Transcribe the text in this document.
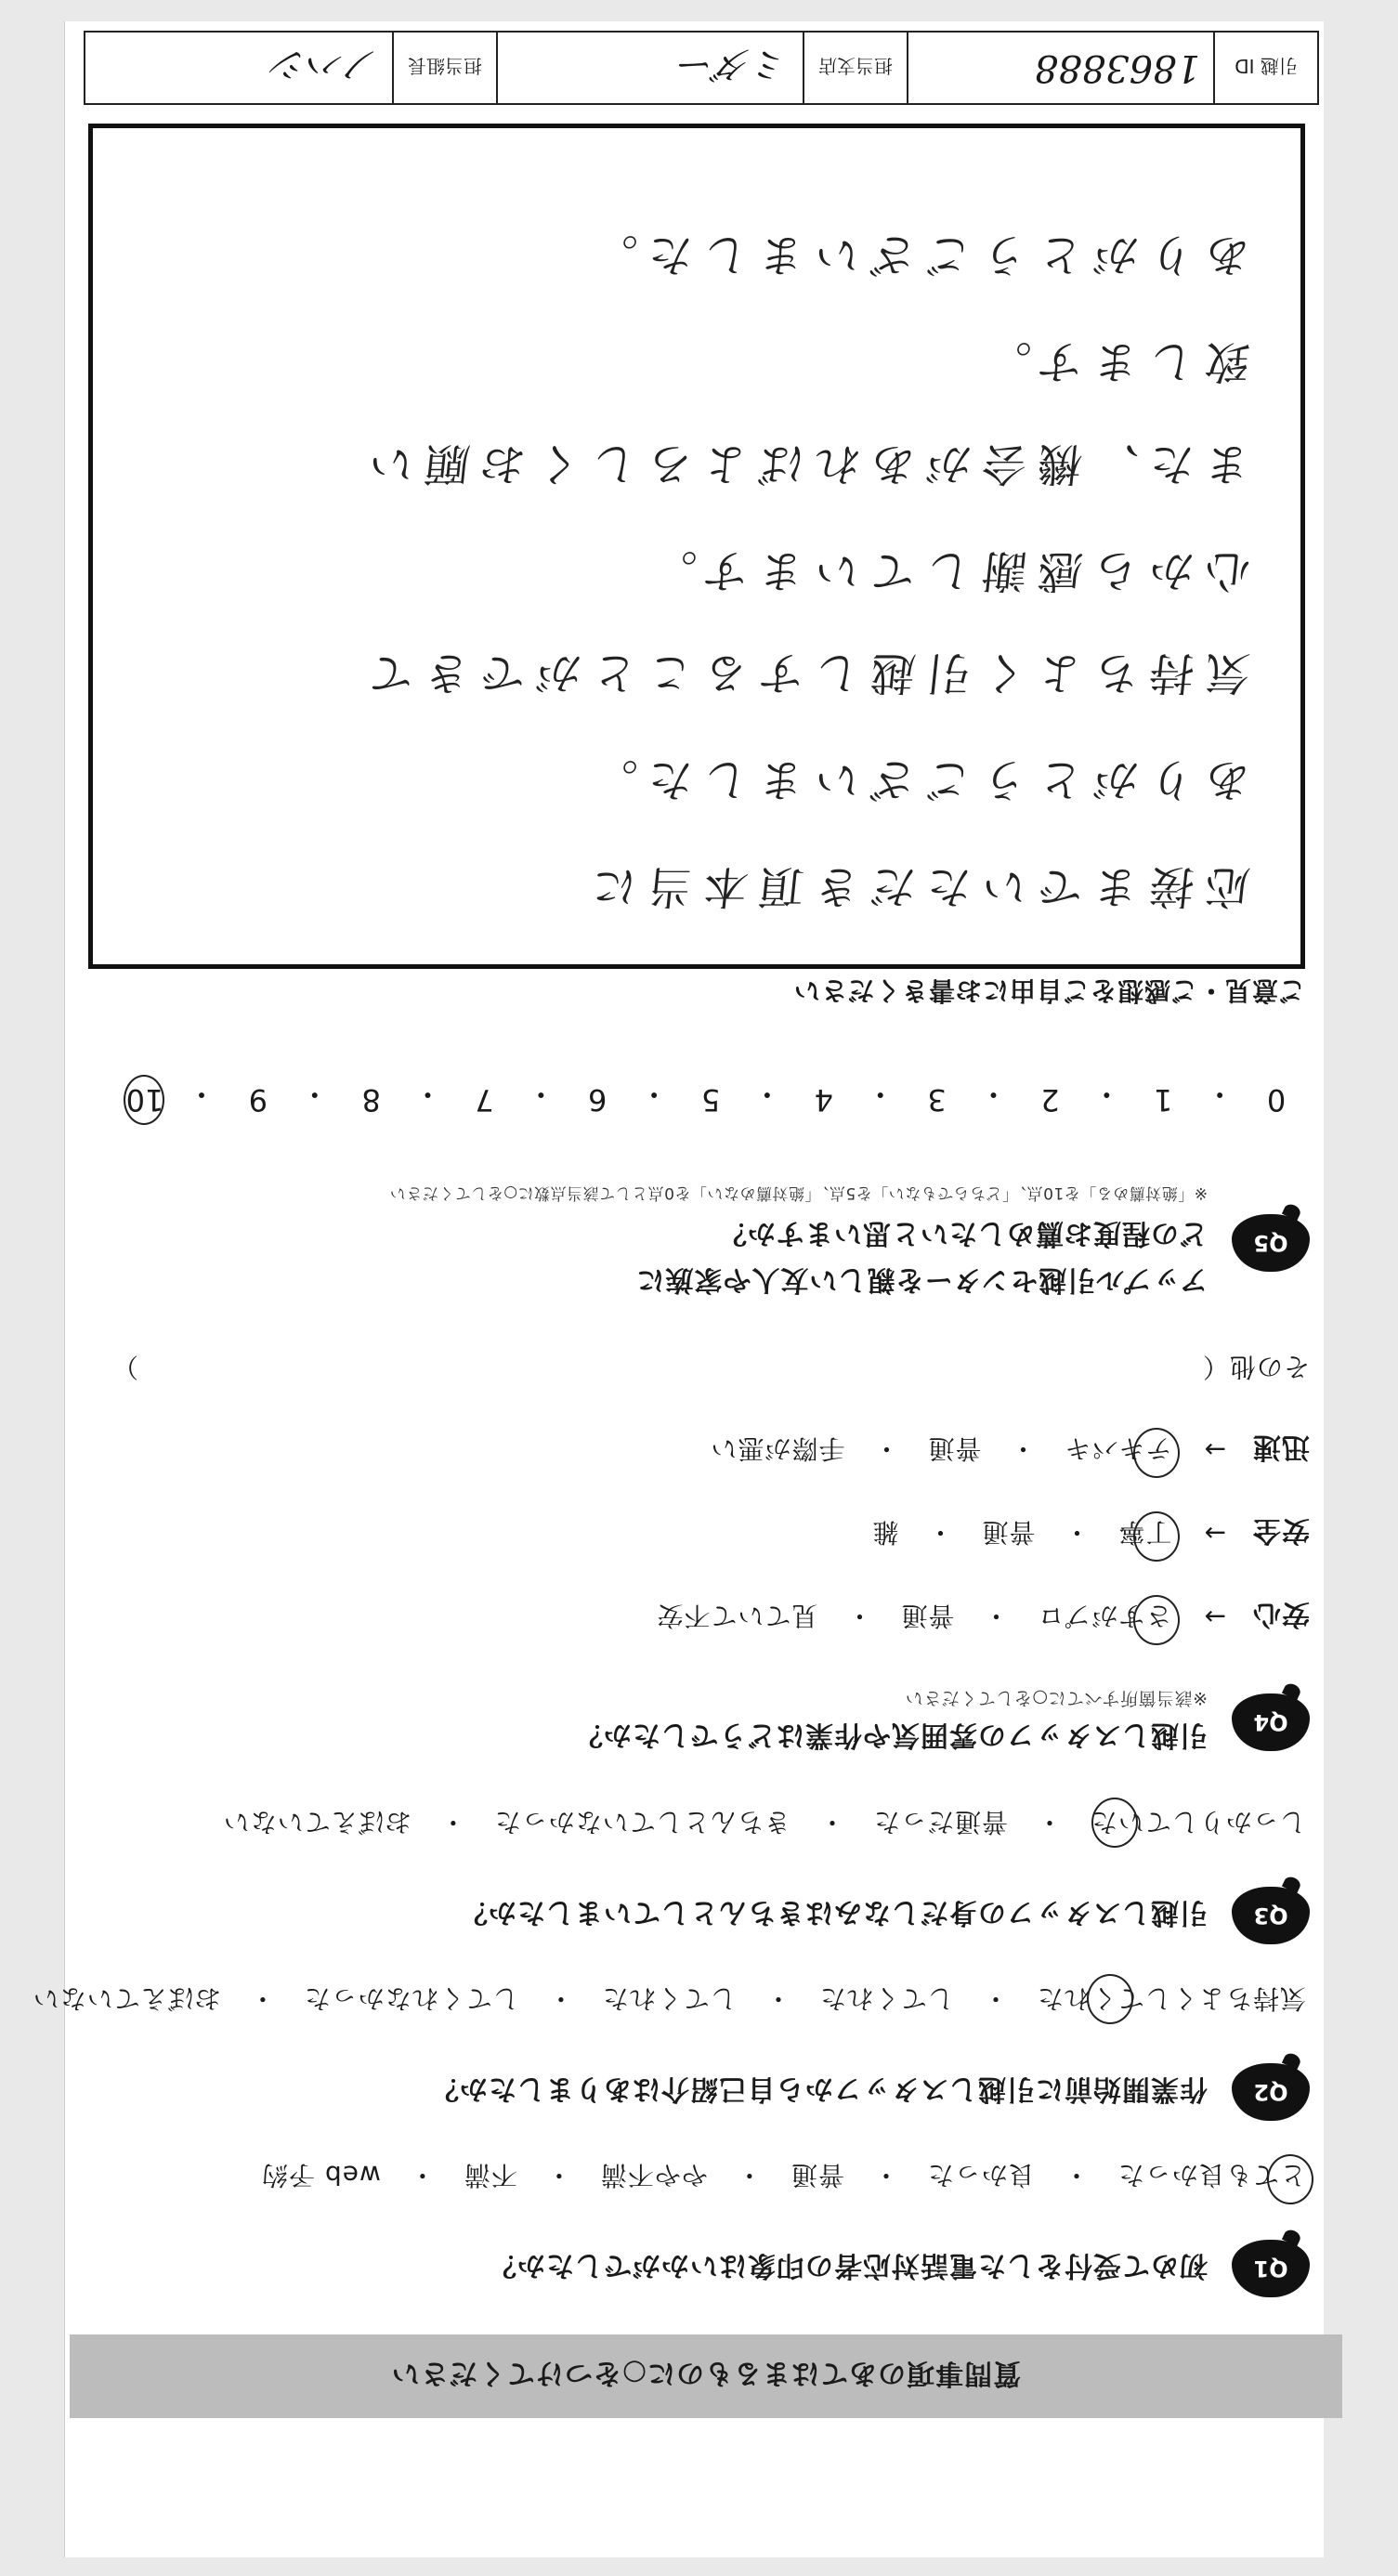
質問事項のあてはまるものに○をつけてください
Q1
初めて受付をした電話対応者の印象はいかがでしたか？
とても良かった
・
良かった
・
普通
・
やや不満
・
不満
・
web 予約
Q2
作業開始前に引越しスタッフから自己紹介はありましたか？
気持ちよくしてくれた
・
してくれた
・
してくれた
・
してくれなかった
・
おぼえていない
Q3
引越しスタッフの身だしなみはきちんとしていましたか？
しっかりしていた
・
普通だった
・
きちんとしていなかった
・
おぼえていない
Q4
引越しスタッフの雰囲気や作業はどうでしたか？
※該当箇所すべてに○をしてください
安心
→
さすがプロ
・
普通
・
見ていて不安
安全
→
丁寧
・
普通
・
雑
迅速
→
テキパキ
・
普通
・
手際が悪い
その他（
）
Q5
アップル引越センターを親しい友人や家族に
どの程度お薦めしたいと思いますか？
※「絶対薦める」を10点、「どちらでもない」を5点、「絶対薦めない」を0点として該当点数に○をしてください
0
・
1
・
2
・
3
・
4
・
5
・
6
・
7
・
8
・
9
・
10
ご意見・ご感想をご自由にお書きください
応接までいただき頂本当に
ありがとうございました。
気持ちよく引越しすることができて
心から感謝しています。
また、機会があればよろしくお願い
致します。
ありがとうございました。
引越 ID
1863888
担当支店
ミダー
担当組長
ノハシ
